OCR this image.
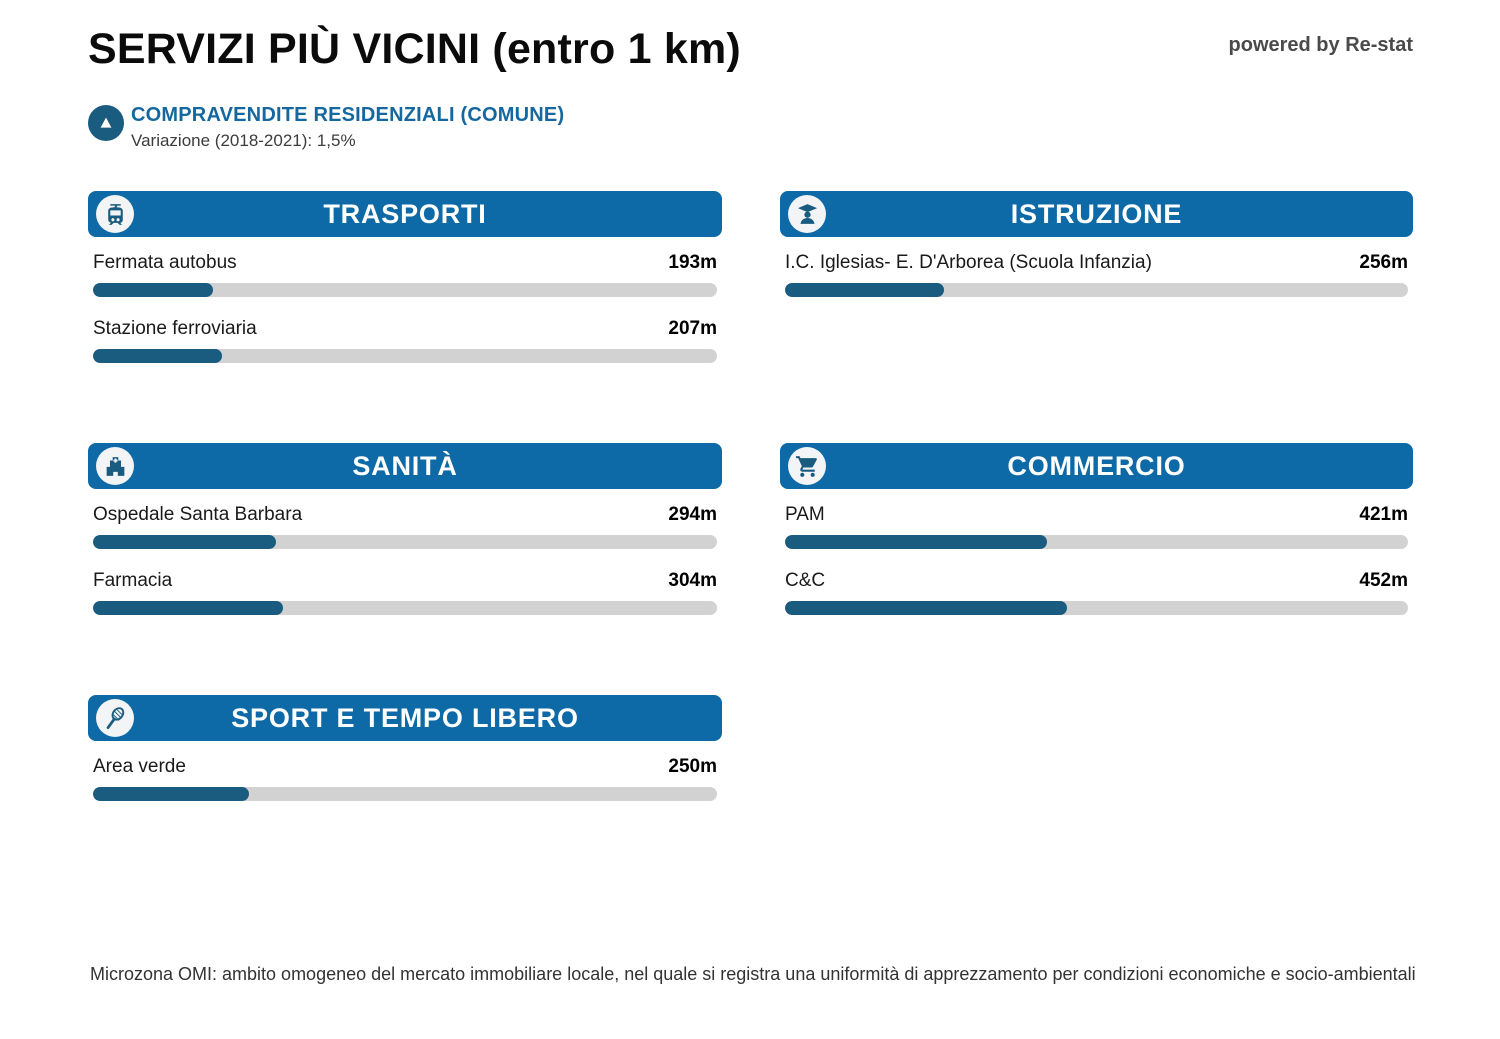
SERVIZI PIÙ VICINI (entro 1 km)	powered by Re-stat
COMPRAVENDITE RESIDENZIALI (COMUNE)
Variazione (2018-2021): 1,5%
TRASPORTI
Fermata autobus	193m
Stazione ferroviaria	207m
ISTRUZIONE
I.C. Iglesias- E. D'Arborea (Scuola Infanzia)	256m
SANITÀ
Ospedale Santa Barbara	294m
Farmacia	304m
COMMERCIO
PAM	421m
C&C	452m
SPORT E TEMPO LIBERO
Area verde	250m
Microzona OMI: ambito omogeneo del mercato immobiliare locale, nel quale si registra una uniformità di apprezzamento per condizioni economiche e socio-ambientali
